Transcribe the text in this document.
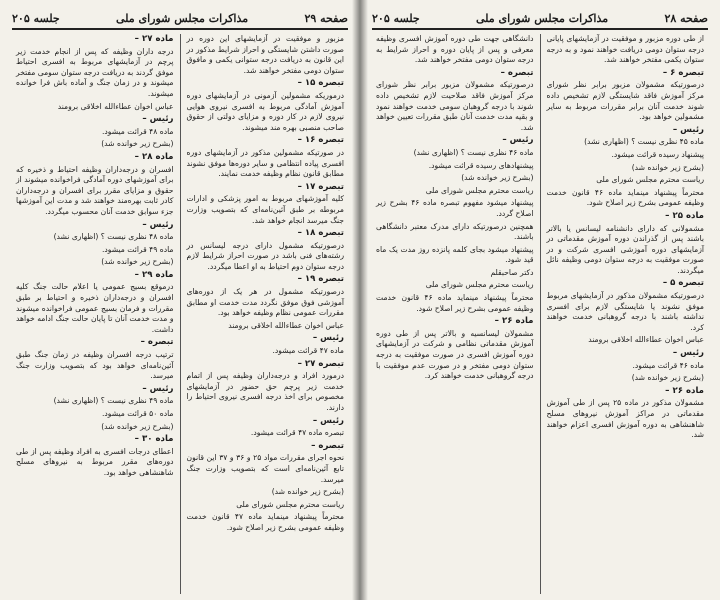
صفحه ۲۹
مذاکرات مجلس شورای ملی
جلسه ۲۰۵

مزبور و موفقیت در آزمایشهای این دوره در صورت داشتن شایستگی و احراز شرایط مذکور در این قانون به دریافت درجه ستوانی یکمی و مافوق ستوان دومی مفتخر خواهند شد.

تبصره ۱۵ –

درموریکه مشمولین آزمونی در آزمایشهای دوره آموزش آمادگی مربوط به افسری نیروی هوایی نیروی لازم در کار دوره و مزایای دولتی از حقوق صاحب منصبی بهره مند میشوند.

تبصره ۱۶ –

در صورتیکه مشمولین مذکور در آزمایشهای دوره افسری پیاده انتظامی و سایر دوره‌ها موفق نشوند مطابق قانون نظام وظیفه خدمت نمایند.

تبصره ۱۷ –

کلیه آموزشهای مربوط به امور پزشکی و ادارات مربوطه بر طبق آئین‌نامه‌ای که بتصویب وزارت جنگ میرسد انجام خواهد شد.

تبصره ۱۸ –

درصورتیکه مشمول دارای درجه لیسانس در رشته‌های فنی باشد در صورت احراز شرایط لازم درجه ستوان دوم احتیاط به او اعطا میگردد.

تبصره ۱۹ –

درصورتیکه مشمول در هر یک از دوره‌های آموزشی فوق موفق نگردد مدت خدمت او مطابق مقررات عمومی نظام وظیفه خواهد بود.

عباس اخوان عطاءالله اخلاقی برومند

رئیس –

ماده ۴۷ قرائت میشود.

تبصره ۲۷ –

درمورد افراد و درجه‌داران وظیفه پس از اتمام خدمت زیر پرچم حق حضور در آزمایشهای مخصوص برای اخذ درجه افسری نیروی احتیاط را دارند.

رئیس –

تبصره ماده ۴۷ قرائت میشود.

تبصره –

نحوه اجرای مقررات مواد ۲۵ و ۳۶ و ۳۷ این قانون تابع آئین‌نامه‌ای است که بتصویب وزارت جنگ میرسد.

(بشرح زیر خوانده شد)

ریاست محترم مجلس شورای ملی

محترماً پیشنهاد مینماید ماده ۴۷ قانون خدمت وظیفه عمومی بشرح زیر اصلاح شود.

ماده ۲۷ –

درجه داران وظیفه که پس از انجام خدمت زیر پرچم در آزمایشهای مربوط به افسری احتیاط موفق گردند به دریافت درجه ستوان سومی مفتخر میشوند و در زمان جنگ و آماده باش فرا خوانده میشوند.

عباس اخوان عطاءالله اخلاقی برومند

رئیس –

ماده ۴۸ قرائت میشود.

(بشرح زیر خوانده شد)

ماده ۲۸ –

افسران و درجه‌داران وظیفه احتیاط و ذخیره که برای آموزشهای دوره آمادگی فراخوانده میشوند از حقوق و مزایای مقرر برای افسران و درجه‌داران کادر ثابت بهره‌مند خواهند شد و مدت این آموزشها جزء سوابق خدمت آنان محسوب میگردد.

رئیس –

ماده ۴۸ نظری نیست ؟ (اظهاری نشد)

ماده ۴۹ قرائت میشود.

(بشرح زیر خوانده شد)

ماده ۲۹ –

درموقع بسیج عمومی یا اعلام حالت جنگ کلیه افسران و درجه‌داران ذخیره و احتیاط بر طبق مقررات و فرمان بسیج عمومی فراخوانده میشوند و مدت خدمت آنان تا پایان حالت جنگ ادامه خواهد داشت.

تبصره –

ترتیب درجه افسران وظیفه در زمان جنگ طبق آئین‌نامه‌ای خواهد بود که بتصویب وزارت جنگ میرسد.

رئیس –

ماده ۴۹ نظری نیست ؟ (اظهاری نشد)

ماده ۵۰ قرائت میشود.

(بشرح زیر خوانده شد)

ماده ۳۰ –

اعطای درجات افسری به افراد وظیفه پس از طی دوره‌های مقرر مربوط به نیروهای مسلح شاهنشاهی خواهد بود.

صفحه ۲۸
مذاکرات مجلس شورای ملی
جلسه ۲۰۵

از طی دوره مزبور و موفقیت در آزمایشهای پایانی درجه ستوان دومی دریافت خواهند نمود و به درجه ستوان یکمی مفتخر خواهند شد.

تبصره ۶ –

درصورتیکه مشمولان مزبور برابر نظر شورای مرکز آموزش فاقد شایستگی لازم تشخیص داده شوند خدمت آنان برابر مقررات مربوط به سایر مشمولین خواهد بود.

رئیس –

ماده ۴۵ نظری نیست ؟ (اظهاری نشد)

پیشنهاد رسیده قرائت میشود.

(بشرح زیر خوانده شد)

ریاست محترم مجلس شورای ملی

محترماً پیشنهاد مینماید ماده ۴۶ قانون خدمت وظیفه عمومی بشرح زیر اصلاح شود.

ماده ۲۵ –

مشمولانی که دارای دانشنامه لیسانس یا بالاتر باشند پس از گذراندن دوره آموزش مقدماتی در آزمایشهای دوره آموزشی افسری شرکت و در صورت موفقیت به درجه ستوان دومی وظیفه نائل میگردند.

تبصره ۵ –

درصورتیکه مشمولان مذکور در آزمایشهای مربوط موفق نشوند یا شایستگی لازم برای افسری نداشته باشند با درجه گروهبانی خدمت خواهند کرد.

عباس اخوان عطاءالله اخلاقی برومند

رئیس –

ماده ۴۶ قرائت میشود.

(بشرح زیر خوانده شد)

ماده ۲۶ –

مشمولان مذکور در ماده ۲۵ پس از طی آموزش مقدماتی در مراکز آموزش نیروهای مسلح شاهنشاهی به دوره آموزش افسری اعزام خواهند شد.

دانشگاهی جهت طی دوره آموزش افسری وظیفه معرفی و پس از پایان دوره و احراز شرایط به درجه ستوان دومی مفتخر خواهند شد.

تبصره –

درصورتیکه مشمولان مزبور برابر نظر شورای مرکز آموزش فاقد صلاحیت لازم تشخیص داده شوند با درجه گروهبان سومی خدمت خواهند نمود و بقیه مدت خدمت آنان طبق مقررات تعیین خواهد شد.

رئیس –

ماده ۴۶ نظری نیست ؟ (اظهاری نشد)

پیشنهادهای رسیده قرائت میشود.

(بشرح زیر خوانده شد)

ریاست محترم مجلس شورای ملی

پیشنهاد میشود مفهوم تبصره ماده ۴۶ بشرح زیر اصلاح گردد.

همچنین درصورتیکه دارای مدرک معتبر دانشگاهی باشند.

پیشنهاد میشود بجای کلمه پانزده روز مدت یک ماه قید شود.

دکتر صاحبقلم

ریاست محترم مجلس شورای ملی

محترماً پیشنهاد مینماید ماده ۴۶ قانون خدمت وظیفه عمومی بشرح زیر اصلاح شود.

ماده ۲۶ –

مشمولان لیسانسیه و بالاتر پس از طی دوره آموزش مقدماتی نظامی و شرکت در آزمایشهای دوره آموزش افسری در صورت موفقیت به درجه ستوان دومی مفتخر و در صورت عدم موفقیت با درجه گروهبانی خدمت خواهند کرد.
